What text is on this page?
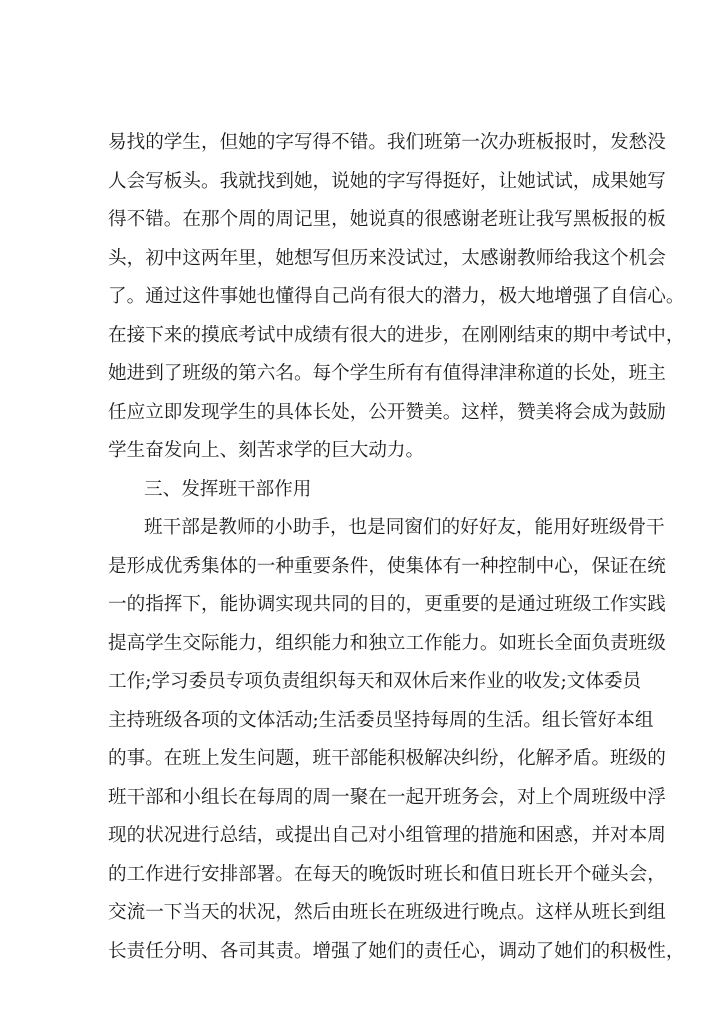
易找的学生，但她的字写得不错。我们班第一次办班板报时，发愁没
人会写板头。我就找到她，说她的字写得挺好，让她试试，成果她写
得不错。在那个周的周记里，她说真的很感谢老班让我写黑板报的板
头，初中这两年里，她想写但历来没试过，太感谢教师给我这个机会
了。通过这件事她也懂得自己尚有很大的潜力，极大地增强了自信心。
在接下来的摸底考试中成绩有很大的进步，在刚刚结束的期中考试中，
她进到了班级的第六名。每个学生所有有值得津津称道的长处，班主
任应立即发现学生的具体长处，公开赞美。这样，赞美将会成为鼓励
学生奋发向上、刻苦求学的巨大动力。
三、发挥班干部作用
班干部是教师的小助手，也是同窗们的好好友，能用好班级骨干
是形成优秀集体的一种重要条件，使集体有一种控制中心，保证在统
一的指挥下，能协调实现共同的目的，更重要的是通过班级工作实践
提高学生交际能力，组织能力和独立工作能力。如班长全面负责班级
工作;学习委员专项负责组织每天和双休后来作业的收发;文体委员
主持班级各项的文体活动;生活委员坚持每周的生活。组长管好本组
的事。在班上发生问题，班干部能积极解决纠纷，化解矛盾。班级的
班干部和小组长在每周的周一聚在一起开班务会，对上个周班级中浮
现的状况进行总结，或提出自己对小组管理的措施和困惑，并对本周
的工作进行安排部署。在每天的晚饭时班长和值日班长开个碰头会，
交流一下当天的状况，然后由班长在班级进行晚点。这样从班长到组
长责任分明、各司其责。增强了她们的责任心，调动了她们的积极性，
